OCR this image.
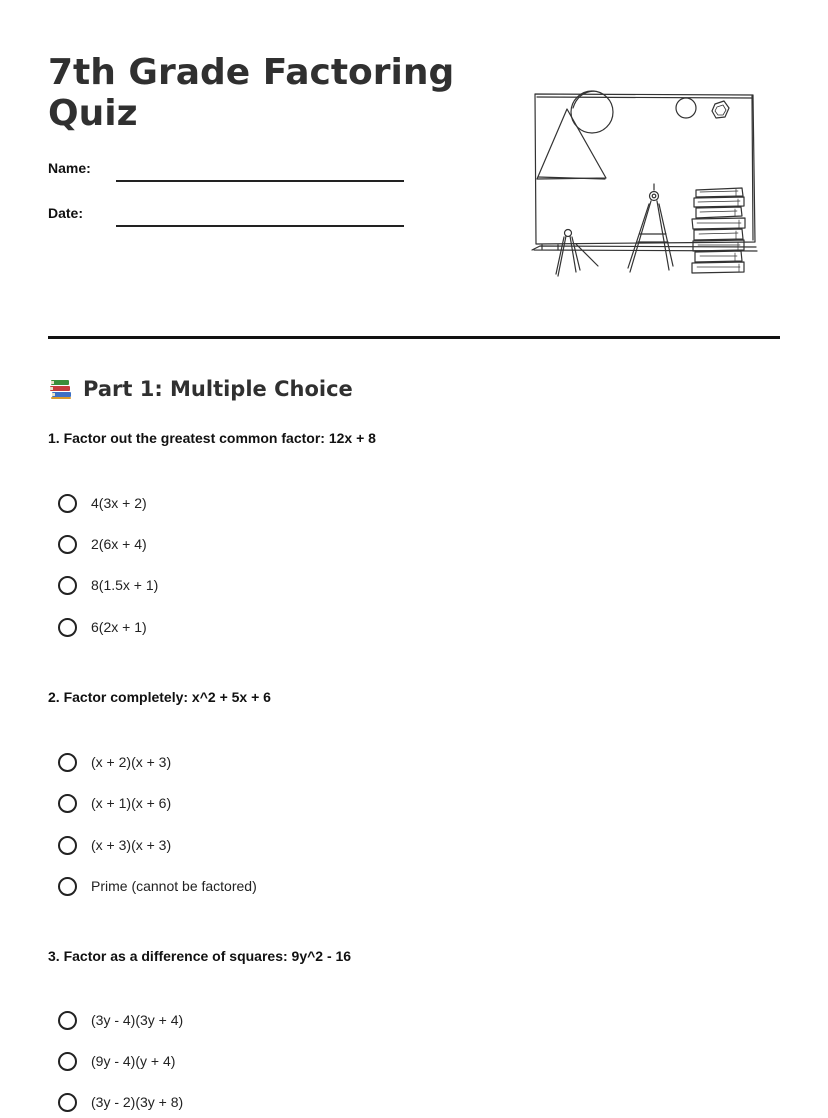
7th Grade Factoring Quiz
Name:
Date:
Part 1: Multiple Choice
1. Factor out the greatest common factor: 12x + 8
4(3x + 2)
2(6x + 4)
8(1.5x + 1)
6(2x + 1)
2. Factor completely: x^2 + 5x + 6
(x + 2)(x + 3)
(x + 1)(x + 6)
(x + 3)(x + 3)
Prime (cannot be factored)
3. Factor as a difference of squares: 9y^2 - 16
(3y - 4)(3y + 4)
(9y - 4)(y + 4)
(3y - 2)(3y + 8)
